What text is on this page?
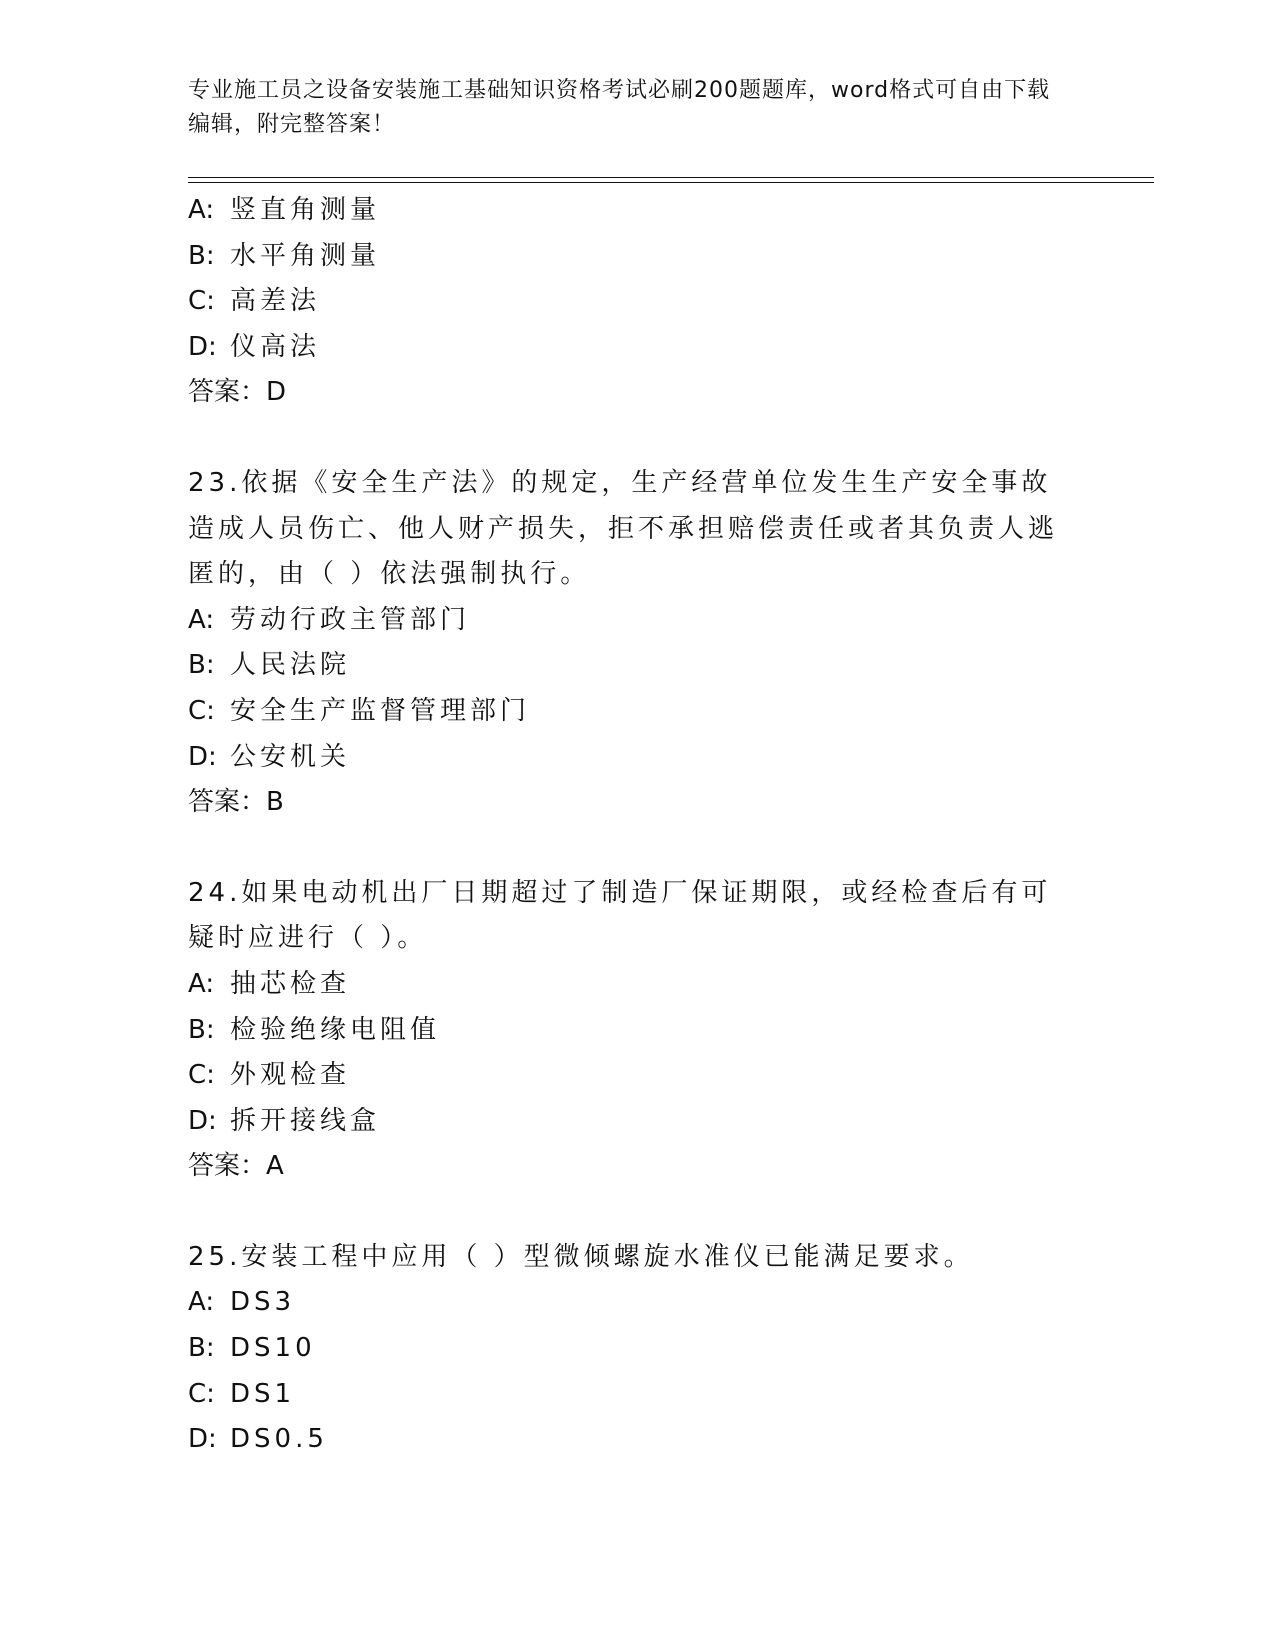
专业施工员之设备安装施工基础知识资格考试必刷200题题库，word格式可自由下载编辑，附完整答案！
A: 竖直角测量
B: 水平角测量
C: 高差法
D: 仪高法
答案：D
23.依据《安全生产法》的规定，生产经营单位发生生产安全事故造成人员伤亡、他人财产损失，拒不承担赔偿责任或者其负责人逃匿的，由（ ）依法强制执行。
A: 劳动行政主管部门
B: 人民法院
C: 安全生产监督管理部门
D: 公安机关
答案：B
24.如果电动机出厂日期超过了制造厂保证期限，或经检查后有可疑时应进行（ ）。
A: 抽芯检查
B: 检验绝缘电阻值
C: 外观检查
D: 拆开接线盒
答案：A
25.安装工程中应用（ ）型微倾螺旋水准仪已能满足要求。
A: DS3
B: DS10
C: DS1
D: DS0.5
